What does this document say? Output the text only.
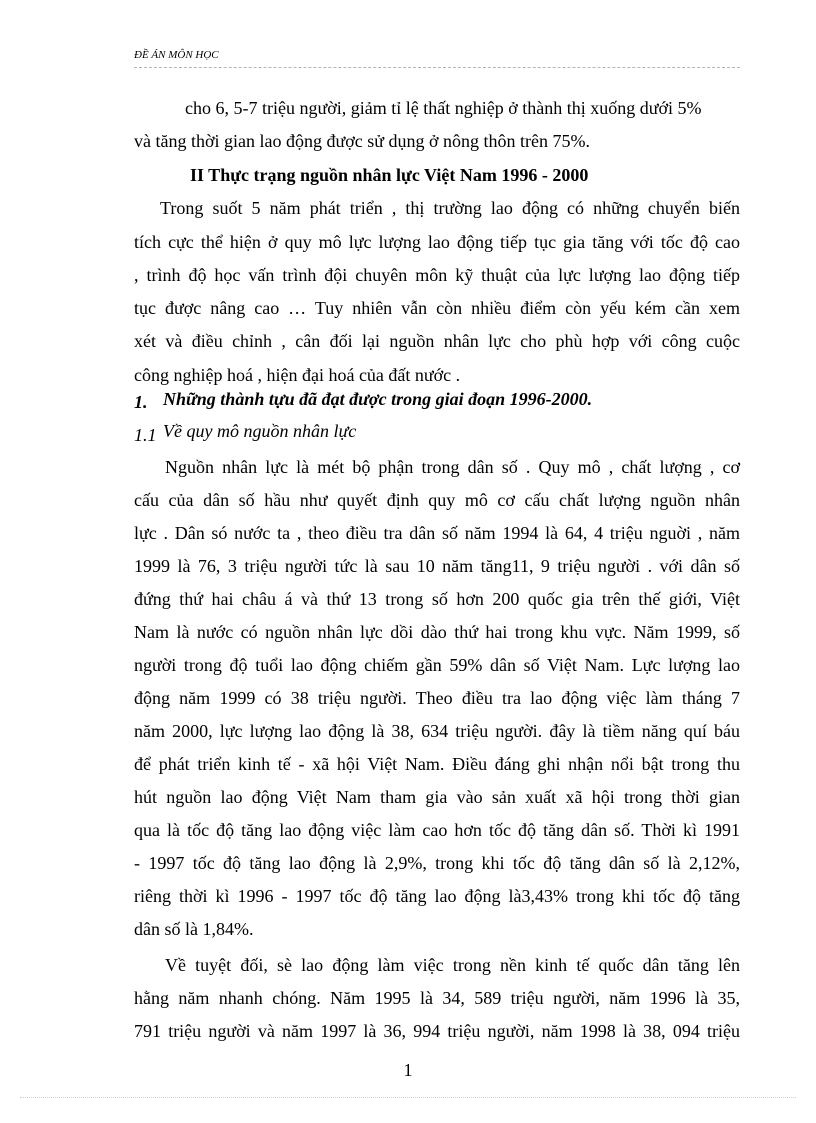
ĐỀ ÁN MÔN HỌC
cho 6, 5-7 triệu người, giảm tỉ lệ thất nghiệp ở thành thị xuống dưới 5%
và tăng thời gian lao động được sử dụng ở nông thôn trên 75%.
II Thực trạng nguồn nhân lực Việt Nam 1996 - 2000
Trong suốt 5 năm phát triển , thị trường lao động có những chuyển biến
tích cực thể hiện ở quy mô lực lượng lao động tiếp tục gia tăng với tốc độ cao
, trình độ học vấn trình đội chuyên môn kỹ thuật của lực lượng lao động tiếp
tục được nâng cao … Tuy nhiên vẫn còn nhiều điểm còn yếu kém cần xem
xét và điều chỉnh , cân đối lại nguồn nhân lực cho phù hợp với công cuộc
công nghiệp hoá , hiện đại hoá của đất nước .
1. Những thành tựu đã đạt được trong giai đoạn 1996-2000.
1.1 Về quy mô nguồn nhân lực
Nguồn nhân lực là mét bộ phận trong dân số . Quy mô , chất lượng , cơ
cấu của dân số hầu như quyết định quy mô cơ cấu chất lượng nguồn nhân
lực . Dân só nước ta , theo điều tra dân số năm 1994 là 64, 4 triệu nguời , năm
1999 là 76, 3 triệu người tức là sau 10 năm tăng11, 9 triệu người . với dân số
đứng thứ hai châu á và thứ 13 trong số hơn 200 quốc gia trên thế giới, Việt
Nam là nước có nguồn nhân lực dồi dào thứ hai trong khu vực. Năm 1999, số
người trong độ tuổi lao động chiếm gần 59% dân số Việt Nam. Lực lượng lao
động năm 1999 có 38 triệu người. Theo điều tra lao động việc làm tháng 7
năm 2000, lực lượng lao động là 38, 634 triệu người. đây là tiềm năng quí báu
để phát triển kinh tế - xã hội Việt Nam. Điều đáng ghi nhận nổi bật trong thu
hút nguồn lao động Việt Nam tham gia vào sản xuất xã hội trong thời gian
qua là tốc độ tăng lao động việc làm cao hơn tốc độ tăng dân số. Thời kì 1991
- 1997 tốc độ tăng lao động là 2,9%, trong khi tốc độ tăng dân số là 2,12%,
riêng thời kì 1996 - 1997 tốc độ tăng lao động là3,43% trong khi tốc độ tăng
dân số là 1,84%.
Về tuyệt đối, sè lao động làm việc trong nền kinh tế quốc dân tăng lên
hằng năm nhanh chóng. Năm 1995 là 34, 589 triệu người, năm 1996 là 35,
791 triệu người và năm 1997 là 36, 994 triệu người, năm 1998 là 38, 094 triệu
1
